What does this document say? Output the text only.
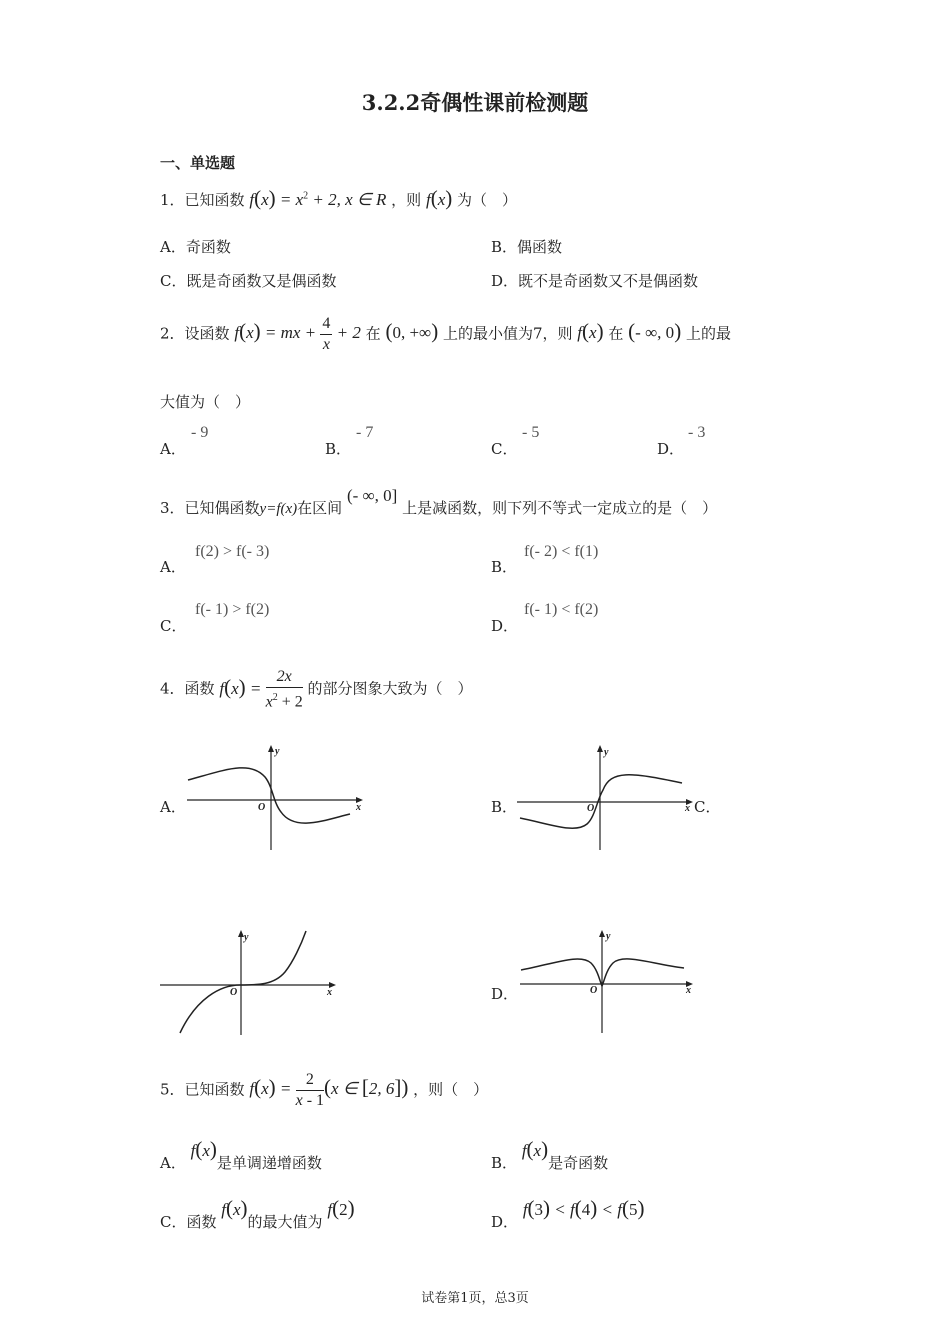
3.2.2奇偶性课前检测题
一、单选题
1．已知函数 $f(x) = x^2 + 2$, x ∈ R ，则 f(x) 为（　）
A．奇函数	B．偶函数
C．既是奇函数又是偶函数	D．既不是奇函数又不是偶函数
2．设函数 f(x) = mx + $\frac{4}{x} + 2$ 在 (0, +∞) 上的最小值为7，则 f(x) 在 (- ∞, 0) 上的最
大值为（　）
A．
- 9
B．
- 7
C．
- 5
D．
- 3
3．已知偶函数y=f(x)在区间 (- ∞, 0] 上是减函数，则下列不等式一定成立的是（　）
A．
f(2) > f(- 3)
B．
f(- 2) < f(1)
C．
f(- 1) > f(2)
D．
f(- 1) < f(2)
4．函数 $f(x) = \frac{2x}{x^2 + 2}$ 的部分图象大致为（　）
A．
y
x
O	B．
y
x
O	C．
y
x
O	D．
y
x
O
5．已知函数 $f(x) = \frac{2}{x - 1} (x$ ∈ [2, 6]) ，则（　）
A． f(x)是单调递增函数	B． f(x)是奇函数
C．函数 f(x)的最大值为 f(2)
D． f(3) < f(4) < f(5)
试卷第1页，总3页
